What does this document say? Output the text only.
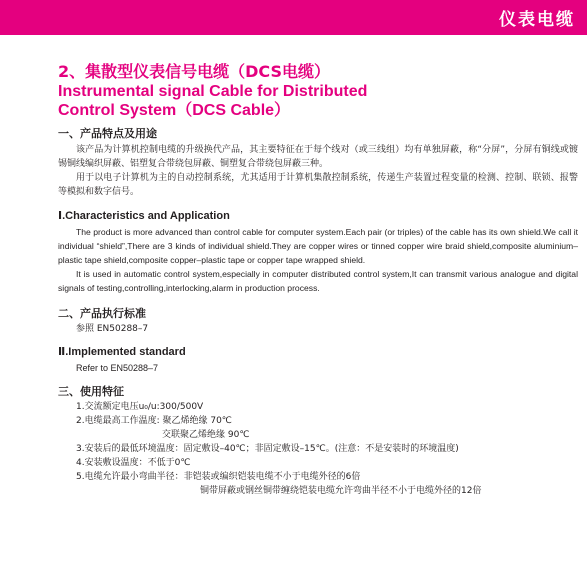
仪表电缆
2、集散型仪表信号电缆（DCS电缆）
Instrumental signal Cable for Distributed
Control System（DCS Cable）
一、产品特点及用途

该产品为计算机控制电缆的升级换代产品，其主要特征在于每个线对（或三线组）均有单独屏蔽，称“分屏”，分屏有铜线或镀锡铜线编织屏蔽、铝塑复合带绕包屏蔽、铜塑复合带绕包屏蔽三种。

用于以电子计算机为主的自动控制系统，尤其适用于计算机集散控制系统，传递生产装置过程变量的检测、控制、联锁、报警等模拟和数字信号。

Ⅰ.Characteristics and Application

The product is more advanced than control cable for computer system.Each pair (or triples) of the cable has its own shield.We call it individual “shield”,There are 3 kinds of individual shield.They are copper wires or tinned copper wire braid shield,composite aluminium–plastic tape shield,composite copper–plastic tape or copper tape wrapped shield.

It is used in automatic control system,especially in computer distributed control system,It can transmit various analogue and digital signals of testing,controlling,interlocking,alarm in production process.

二、产品执行标准

参照 EN50288–7

Ⅱ.Implemented standard

Refer to EN50288–7

三、使用特征

1.交流额定电压u₀/u:300/500V

2.电缆最高工作温度: 聚乙烯绝缘 70℃

交联聚乙烯绝缘 90℃

3.安装后的最低环境温度：固定敷设–40℃；非固定敷设–15℃。(注意：不是安装时的环境温度)

4.安装敷设温度：不低于0℃

5.电缆允许最小弯曲半径：非铠装或编织铠装电缆不小于电缆外径的6倍

铜带屏蔽或钢丝铜带缠绕铠装电缆允许弯曲半径不小于电缆外径的12倍
